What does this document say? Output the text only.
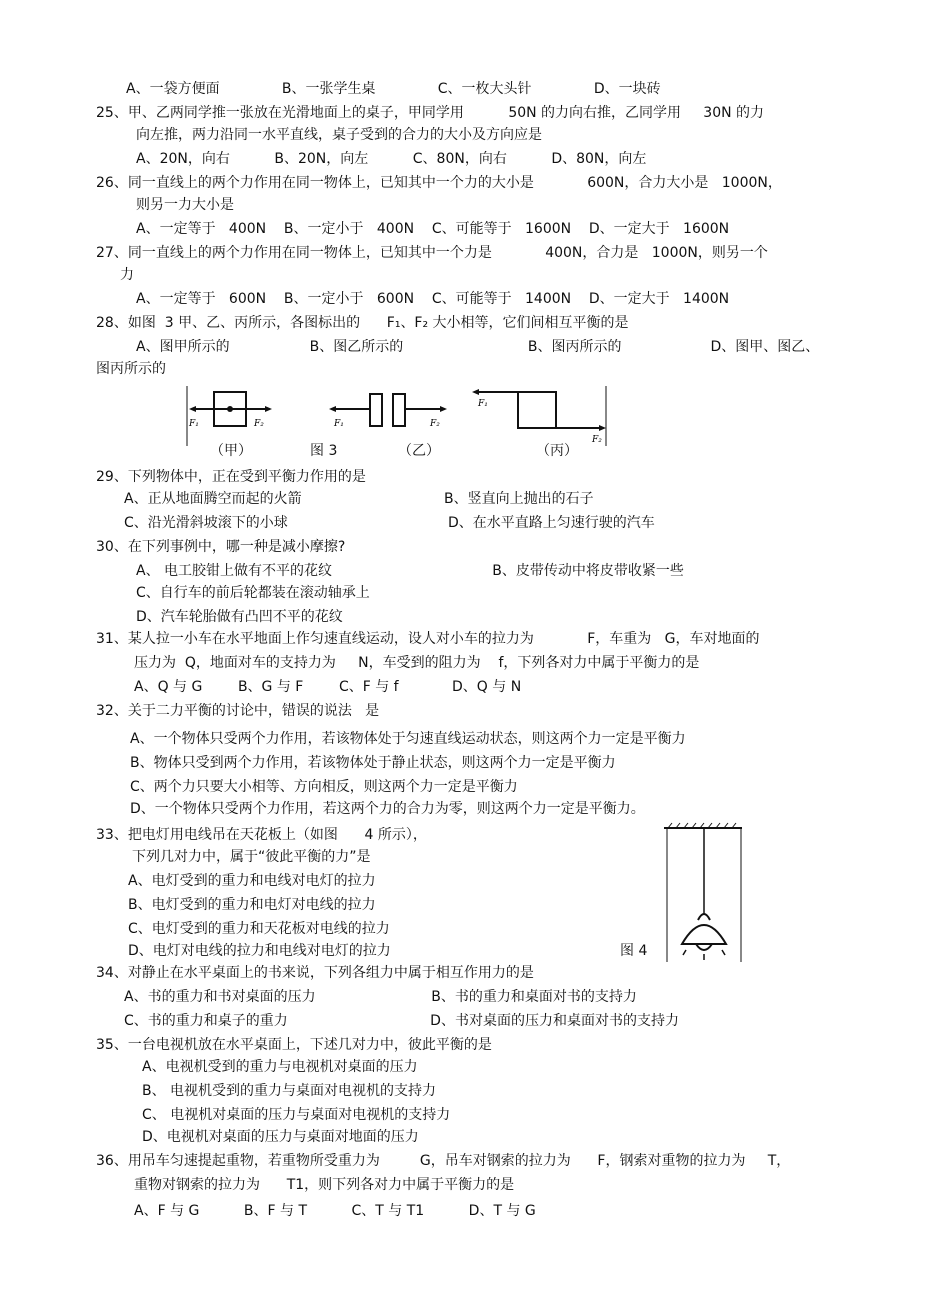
A、一袋方便面              B、一张学生桌              C、一枚大头针              D、一块砖
25、甲、乙两同学推一张放在光滑地面上的桌子，甲同学用          50N 的力向右推，乙同学用     30N 的力
向左推，两力沿同一水平直线，桌子受到的合力的大小及方向应是
A、20N，向右          B、20N，向左          C、80N，向右          D、80N，向左
26、同一直线上的两个力作用在同一物体上，已知其中一个力的大小是            600N，合力大小是   1000N，
则另一力大小是
A、一定等于   400N    B、一定小于   400N    C、可能等于   1600N    D、一定大于   1600N
27、同一直线上的两个力作用在同一物体上，已知其中一个力是            400N，合力是   1000N，则另一个
力
A、一定等于   600N    B、一定小于   600N    C、可能等于   1400N    D、一定大于   1400N
28、如图  3 甲、乙、丙所示，各图标出的      F₁、F₂ 大小相等，它们间相互平衡的是
A、图甲所示的                  B、图乙所示的                            B、图丙所示的                    D、图甲、图乙、
图丙所示的
F₁	F₂	F₁	F₂
F₁
F₂
（甲）	图 3	（乙）	（丙）
29、下列物体中，正在受到平衡力作用的是
A、正从地面腾空而起的火箭                                B、竖直向上抛出的石子
C、沿光滑斜坡滚下的小球                                    D、在水平直路上匀速行驶的汽车
30、在下列事例中，哪一种是减小摩擦?
A、 电工胶钳上做有不平的花纹                                    B、皮带传动中将皮带收紧一些
C、自行车的前后轮都装在滚动轴承上
D、汽车轮胎做有凸凹不平的花纹
31、某人拉一小车在水平地面上作匀速直线运动，设人对小车的拉力为            F，车重为   G，车对地面的
压力为  Q，地面对车的支持力为     N，车受到的阻力为    f，下列各对力中属于平衡力的是
A、Q 与 G        B、G 与 F        C、F 与 f            D、Q 与 N
32、关于二力平衡的讨论中，错误的说法   是
A、一个物体只受两个力作用，若该物体处于匀速直线运动状态，则这两个力一定是平衡力
B、物体只受到两个力作用，若该物体处于静止状态，则这两个力一定是平衡力
C、两个力只要大小相等、方向相反，则这两个力一定是平衡力
D、一个物体只受两个力作用，若这两个力的合力为零，则这两个力一定是平衡力。
33、把电灯用电线吊在天花板上（如图      4 所示），
下列几对力中，属于“彼此平衡的力”是
A、电灯受到的重力和电线对电灯的拉力
B、电灯受到的重力和电灯对电线的拉力
C、电灯受到的重力和天花板对电线的拉力
D、电灯对电线的拉力和电线对电灯的拉力	图 4
34、对静止在水平桌面上的书来说，下列各组力中属于相互作用力的是
A、书的重力和书对桌面的压力                          B、书的重力和桌面对书的支持力
C、书的重力和桌子的重力                                D、书对桌面的压力和桌面对书的支持力
35、一台电视机放在水平桌面上，下述几对力中，彼此平衡的是
A、电视机受到的重力与电视机对桌面的压力
B、 电视机受到的重力与桌面对电视机的支持力
C、 电视机对桌面的压力与桌面对电视机的支持力
D、电视机对桌面的压力与桌面对地面的压力
36、用吊车匀速提起重物，若重物所受重力为         G，吊车对钢索的拉力为      F，钢索对重物的拉力为     T，
重物对钢索的拉力为      T1，则下列各对力中属于平衡力的是
A、F 与 G          B、F 与 T          C、T 与 T1          D、T 与 G
